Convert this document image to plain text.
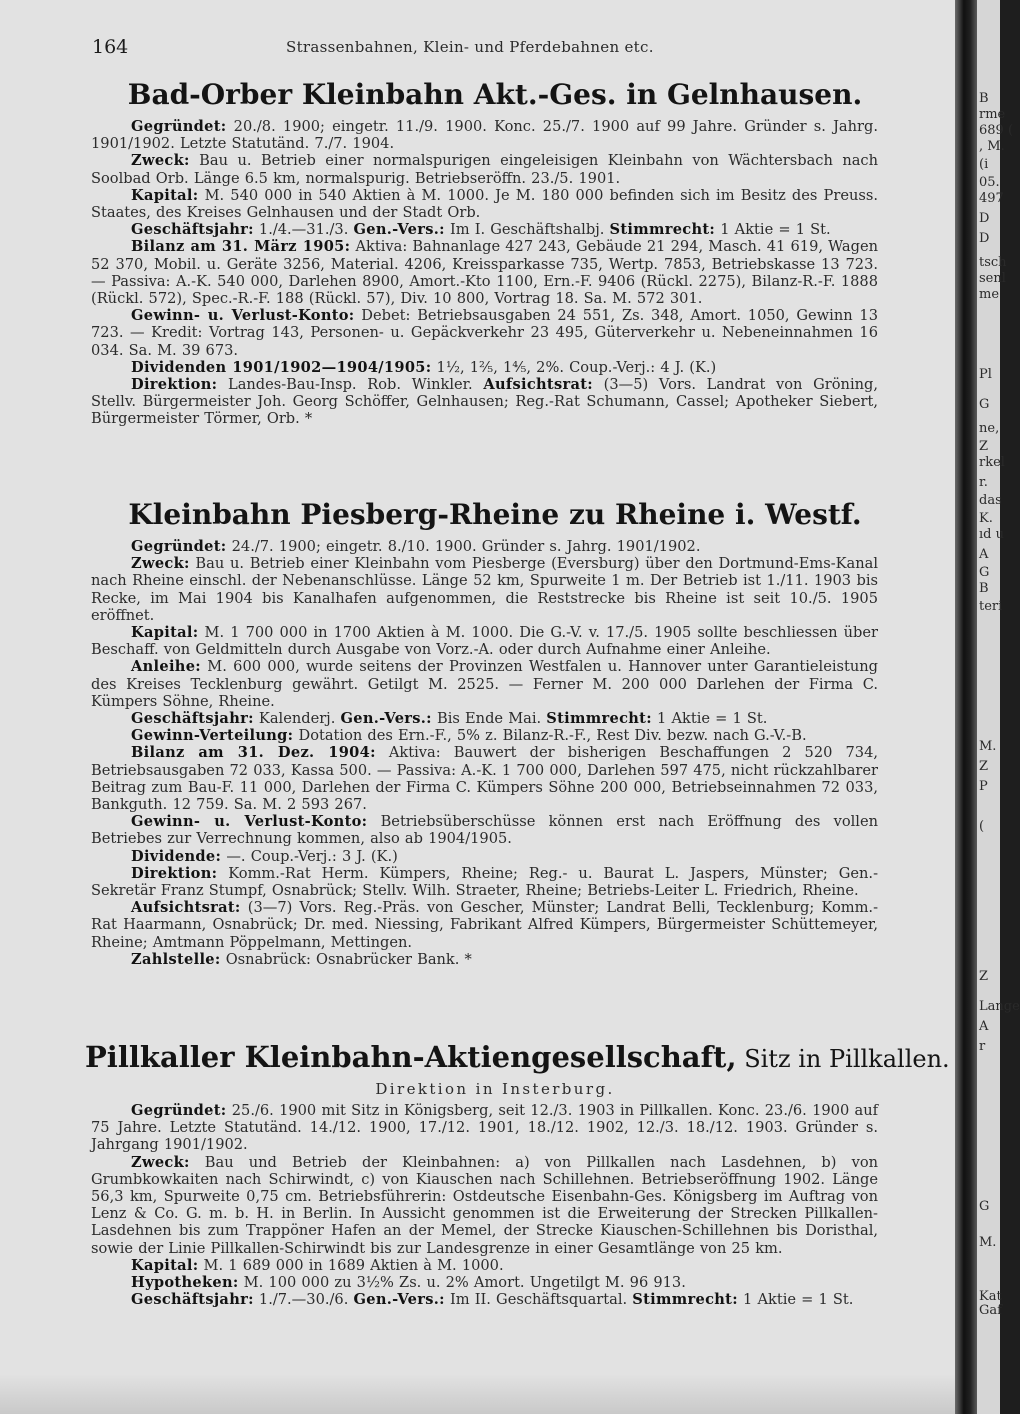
164	Strassenbahnen, Klein- und Pferdebahnen etc.
Bad-Orber Kleinbahn Akt.-Ges. in Gelnhausen.

Gegründet: 20./8. 1900; eingetr. 11./9. 1900. Konc. 25./7. 1900 auf 99 Jahre. Gründer s. Jahrg. 1901/1902. Letzte Statutänd. 7./7. 1904.

Zweck: Bau u. Betrieb einer normalspurigen eingeleisigen Kleinbahn von Wächtersbach nach Soolbad Orb. Länge 6.5 km, normalspurig. Betriebseröffn. 23./5. 1901.

Kapital: M. 540 000 in 540 Aktien à M. 1000. Je M. 180 000 befinden sich im Besitz des Preuss. Staates, des Kreises Gelnhausen und der Stadt Orb.

Geschäftsjahr: 1./4.—31./3. Gen.-Vers.: Im I. Geschäftshalbj. Stimmrecht: 1 Aktie = 1 St.

Bilanz am 31. März 1905: Aktiva: Bahnanlage 427 243, Gebäude 21 294, Masch. 41 619, Wagen 52 370, Mobil. u. Geräte 3256, Material. 4206, Kreissparkasse 735, Wertp. 7853, Betriebskasse 13 723. — Passiva: A.-K. 540 000, Darlehen 8900, Amort.-Kto 1100, Ern.-F. 9406 (Rückl. 2275), Bilanz-R.-F. 1888 (Rückl. 572), Spec.-R.-F. 188 (Rückl. 57), Div. 10 800, Vortrag 18. Sa. M. 572 301.

Gewinn- u. Verlust-Konto: Debet: Betriebsausgaben 24 551, Zs. 348, Amort. 1050, Gewinn 13 723. — Kredit: Vortrag 143, Personen- u. Gepäckverkehr 23 495, Güterverkehr u. Nebeneinnahmen 16 034. Sa. M. 39 673.

Dividenden 1901/1902—1904/1905: 1½, 1⅖, 1⅘, 2%. Coup.-Verj.: 4 J. (K.)

Direktion: Landes-Bau-Insp. Rob. Winkler. Aufsichtsrat: (3—5) Vors. Landrat von Gröning, Stellv. Bürgermeister Joh. Georg Schöffer, Gelnhausen; Reg.-Rat Schumann, Cassel; Apotheker Siebert, Bürgermeister Törmer, Orb. *

Kleinbahn Piesberg-Rheine zu Rheine i. Westf.

Gegründet: 24./7. 1900; eingetr. 8./10. 1900. Gründer s. Jahrg. 1901/1902.

Zweck: Bau u. Betrieb einer Kleinbahn vom Piesberge (Eversburg) über den Dortmund-Ems-Kanal nach Rheine einschl. der Nebenanschlüsse. Länge 52 km, Spurweite 1 m. Der Betrieb ist 1./11. 1903 bis Recke, im Mai 1904 bis Kanalhafen aufgenommen, die Reststrecke bis Rheine ist seit 10./5. 1905 eröffnet.

Kapital: M. 1 700 000 in 1700 Aktien à M. 1000. Die G.-V. v. 17./5. 1905 sollte beschliessen über Beschaff. von Geldmitteln durch Ausgabe von Vorz.-A. oder durch Aufnahme einer Anleihe.

Anleihe: M. 600 000, wurde seitens der Provinzen Westfalen u. Hannover unter Garantieleistung des Kreises Tecklenburg gewährt. Getilgt M. 2525. — Ferner M. 200 000 Darlehen der Firma C. Kümpers Söhne, Rheine.

Geschäftsjahr: Kalenderj. Gen.-Vers.: Bis Ende Mai. Stimmrecht: 1 Aktie = 1 St.

Gewinn-Verteilung: Dotation des Ern.-F., 5% z. Bilanz-R.-F., Rest Div. bezw. nach G.-V.-B.

Bilanz am 31. Dez. 1904: Aktiva: Bauwert der bisherigen Beschaffungen 2 520 734, Betriebsausgaben 72 033, Kassa 500. — Passiva: A.-K. 1 700 000, Darlehen 597 475, nicht rückzahlbarer Beitrag zum Bau-F. 11 000, Darlehen der Firma C. Kümpers Söhne 200 000, Betriebseinnahmen 72 033, Bankguth. 12 759. Sa. M. 2 593 267.

Gewinn- u. Verlust-Konto: Betriebsüberschüsse können erst nach Eröffnung des vollen Betriebes zur Verrechnung kommen, also ab 1904/1905.

Dividende: —. Coup.-Verj.: 3 J. (K.)

Direktion: Komm.-Rat Herm. Kümpers, Rheine; Reg.- u. Baurat L. Jaspers, Münster; Gen.-Sekretär Franz Stumpf, Osnabrück; Stellv. Wilh. Straeter, Rheine; Betriebs-Leiter L. Friedrich, Rheine.

Aufsichtsrat: (3—7) Vors. Reg.-Präs. von Gescher, Münster; Landrat Belli, Tecklenburg; Komm.-Rat Haarmann, Osnabrück; Dr. med. Niessing, Fabrikant Alfred Kümpers, Bürgermeister Schüttemeyer, Rheine; Amtmann Pöppelmann, Mettingen.

Zahlstelle: Osnabrück: Osnabrücker Bank. *

Pillkaller Kleinbahn-Aktiengesellschaft, Sitz in Pillkallen.
Direktion in Insterburg.

Gegründet: 25./6. 1900 mit Sitz in Königsberg, seit 12./3. 1903 in Pillkallen. Konc. 23./6. 1900 auf 75 Jahre. Letzte Statutänd. 14./12. 1900, 17./12. 1901, 18./12. 1902, 12./3. 18./12. 1903. Gründer s. Jahrgang 1901/1902.

Zweck: Bau und Betrieb der Kleinbahnen: a) von Pillkallen nach Lasdehnen, b) von Grumbkowkaiten nach Schirwindt, c) von Kiauschen nach Schillehnen. Betriebseröffnung 1902. Länge 56,3 km, Spurweite 0,75 cm. Betriebsführerin: Ostdeutsche Eisenbahn-Ges. Königsberg im Auftrag von Lenz & Co. G. m. b. H. in Berlin. In Aussicht genommen ist die Erweiterung der Strecken Pillkallen-Lasdehnen bis zum Trappöner Hafen an der Memel, der Strecke Kiauschen-Schillehnen bis Doristhal, sowie der Linie Pillkallen-Schirwindt bis zur Landesgrenze in einer Gesamtlänge von 25 km.

Kapital: M. 1 689 000 in 1689 Aktien à M. 1000.

Hypotheken: M. 100 000 zu 3½% Zs. u. 2% Amort. Ungetilgt M. 96 913.

Geschäftsjahr: 1./7.—30./6. Gen.-Vers.: Im II. Geschäftsquartal. Stimmrecht: 1 Aktie = 1 St.

B
rme
689 (
, M.
(i
05.
497
D
D
tsch
senl
me
Pl
G
ne,
Z
rkel
r.
das
K.
ıd u
A
G
B
teri
M.
Z
P
(
Z
Lange
A
r
G
M.
Kat
Gaf
